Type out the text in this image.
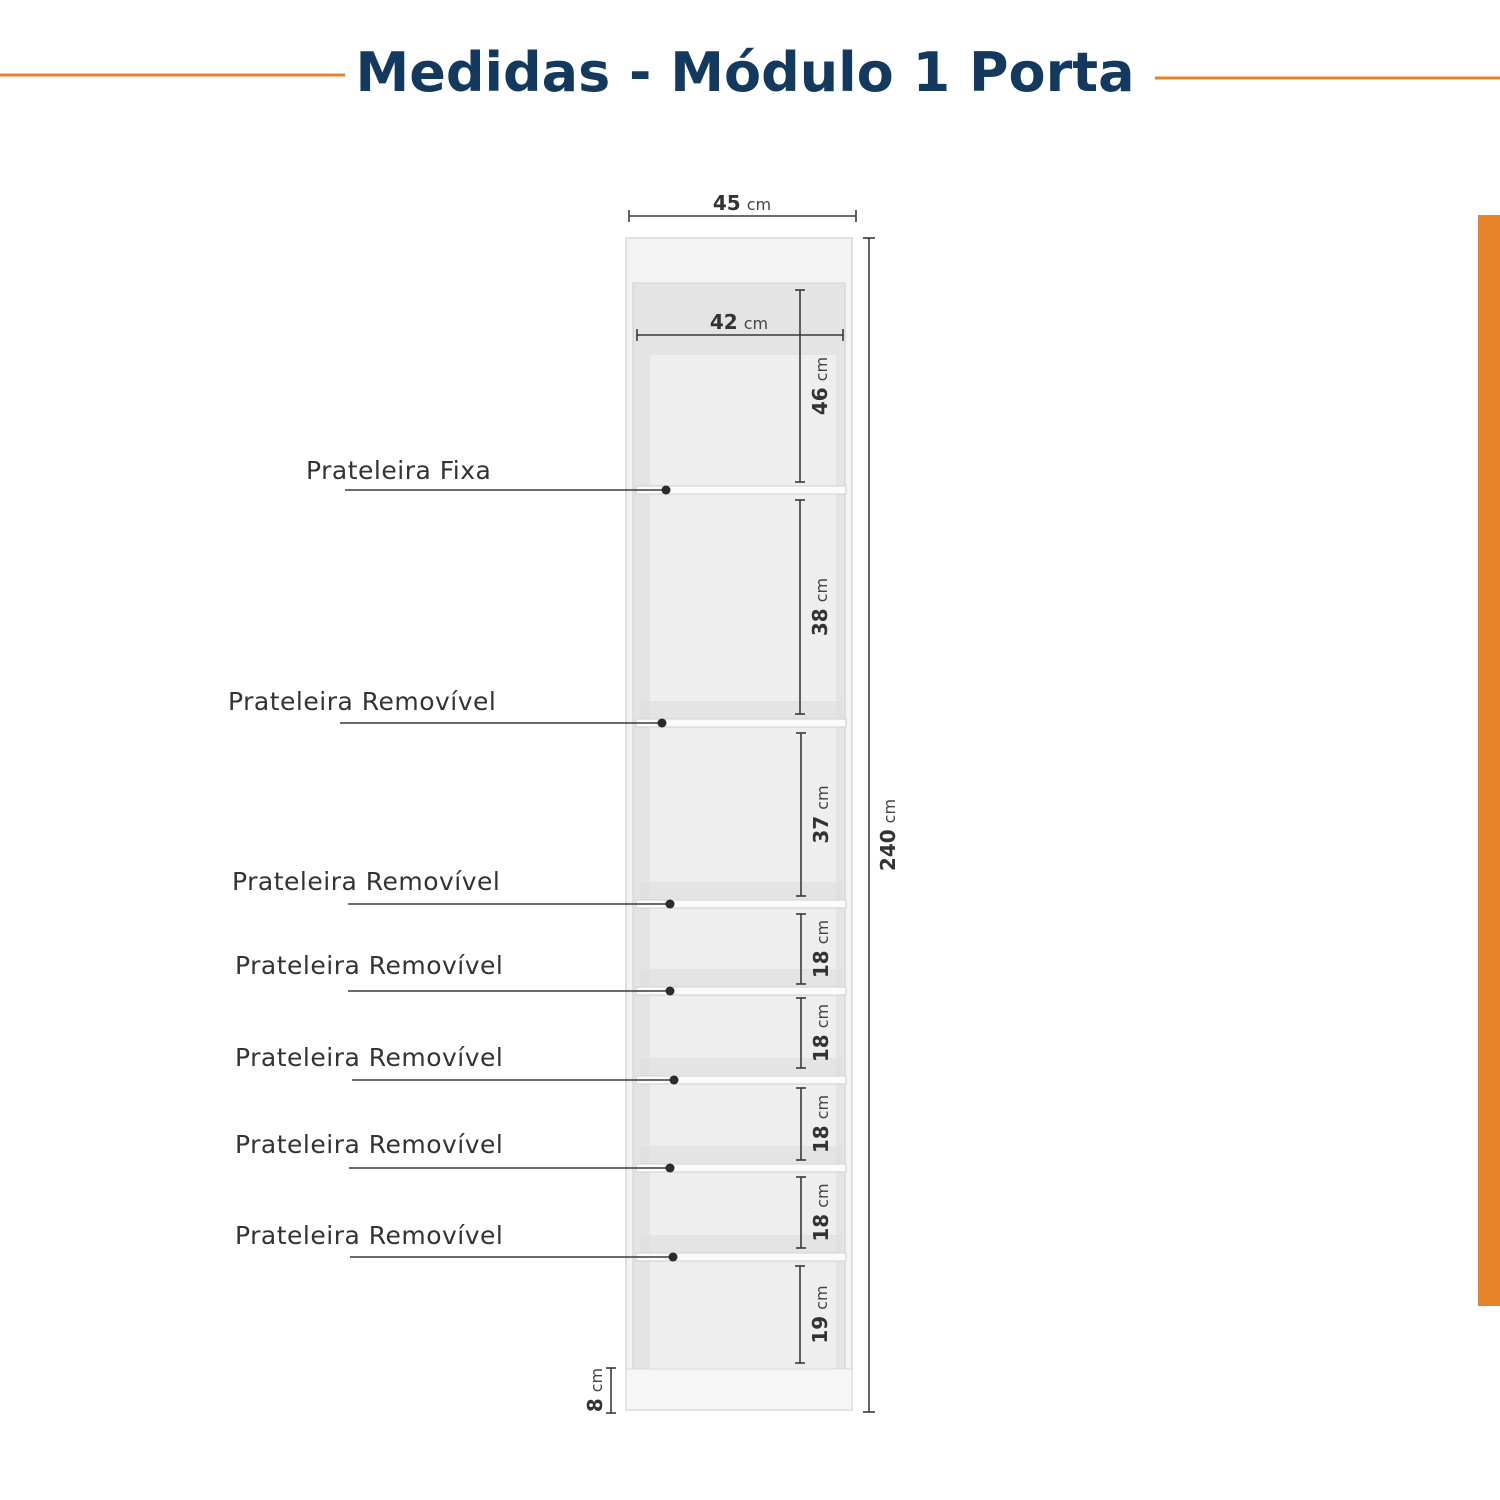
Medidas - Módulo 1 Porta
45 cm
42 cm
240cm
8cm
46cm
38cm
37cm
18cm
18cm
18cm
18cm
19cm
Prateleira Fixa
Prateleira Removível
Prateleira Removível
Prateleira Removível
Prateleira Removível
Prateleira Removível
Prateleira Removível
